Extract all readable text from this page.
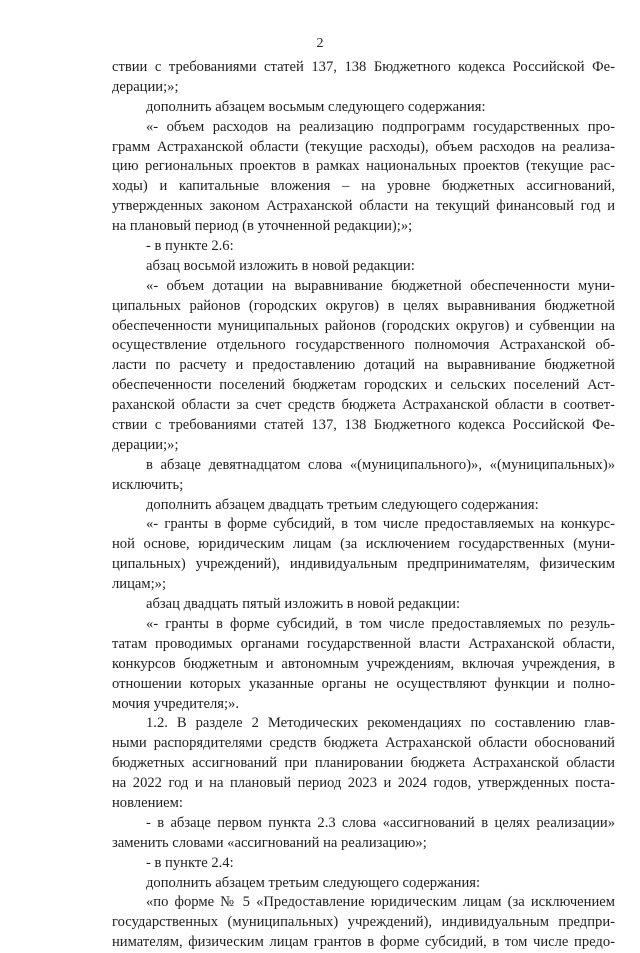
2
ствии с требованиями статей 137, 138 Бюджетного кодекса Российской Фе-
дерации;»;
дополнить абзацем восьмым следующего содержания:
«- объем расходов на реализацию подпрограмм государственных про-
грамм Астраханской области (текущие расходы), объем расходов на реализа-
цию региональных проектов в рамках национальных проектов (текущие рас-
ходы) и капитальные вложения – на уровне бюджетных ассигнований,
утвержденных законом Астраханской области на текущий финансовый год и
на плановый период (в уточненной редакции);»;
- в пункте 2.6:
абзац восьмой изложить в новой редакции:
«- объем дотации на выравнивание бюджетной обеспеченности муни-
ципальных районов (городских округов) в целях выравнивания бюджетной
обеспеченности муниципальных районов (городских округов) и субвенции на
осуществление отдельного государственного полномочия Астраханской об-
ласти по расчету и предоставлению дотаций на выравнивание бюджетной
обеспеченности поселений бюджетам городских и сельских поселений Аст-
раханской области за счет средств бюджета Астраханской области в соответ-
ствии с требованиями статей 137, 138 Бюджетного кодекса Российской Фе-
дерации;»;
в абзаце девятнадцатом слова «(муниципального)», «(муниципальных)»
исключить;
дополнить абзацем двадцать третьим следующего содержания:
«- гранты в форме субсидий, в том числе предоставляемых на конкурс-
ной основе, юридическим лицам (за исключением государственных (муни-
ципальных) учреждений), индивидуальным предпринимателям, физическим
лицам;»;
абзац двадцать пятый изложить в новой редакции:
«- гранты в форме субсидий, в том числе предоставляемых по резуль-
татам проводимых органами государственной власти Астраханской области,
конкурсов бюджетным и автономным учреждениям, включая учреждения, в
отношении которых указанные органы не осуществляют функции и полно-
мочия учредителя;».
1.2. В разделе 2 Методических рекомендациях по составлению глав-
ными распорядителями средств бюджета Астраханской области обоснований
бюджетных ассигнований при планировании бюджета Астраханской области
на 2022 год и на плановый период 2023 и 2024 годов, утвержденных поста-
новлением:
- в абзаце первом пункта 2.3 слова «ассигнований в целях реализации»
заменить словами «ассигнований на реализацию»;
- в пункте 2.4:
дополнить абзацем третьим следующего содержания:
«по форме № 5 «Предоставление юридическим лицам (за исключением
государственных (муниципальных) учреждений), индивидуальным предпри-
нимателям, физическим лицам грантов в форме субсидий, в том числе предо-
